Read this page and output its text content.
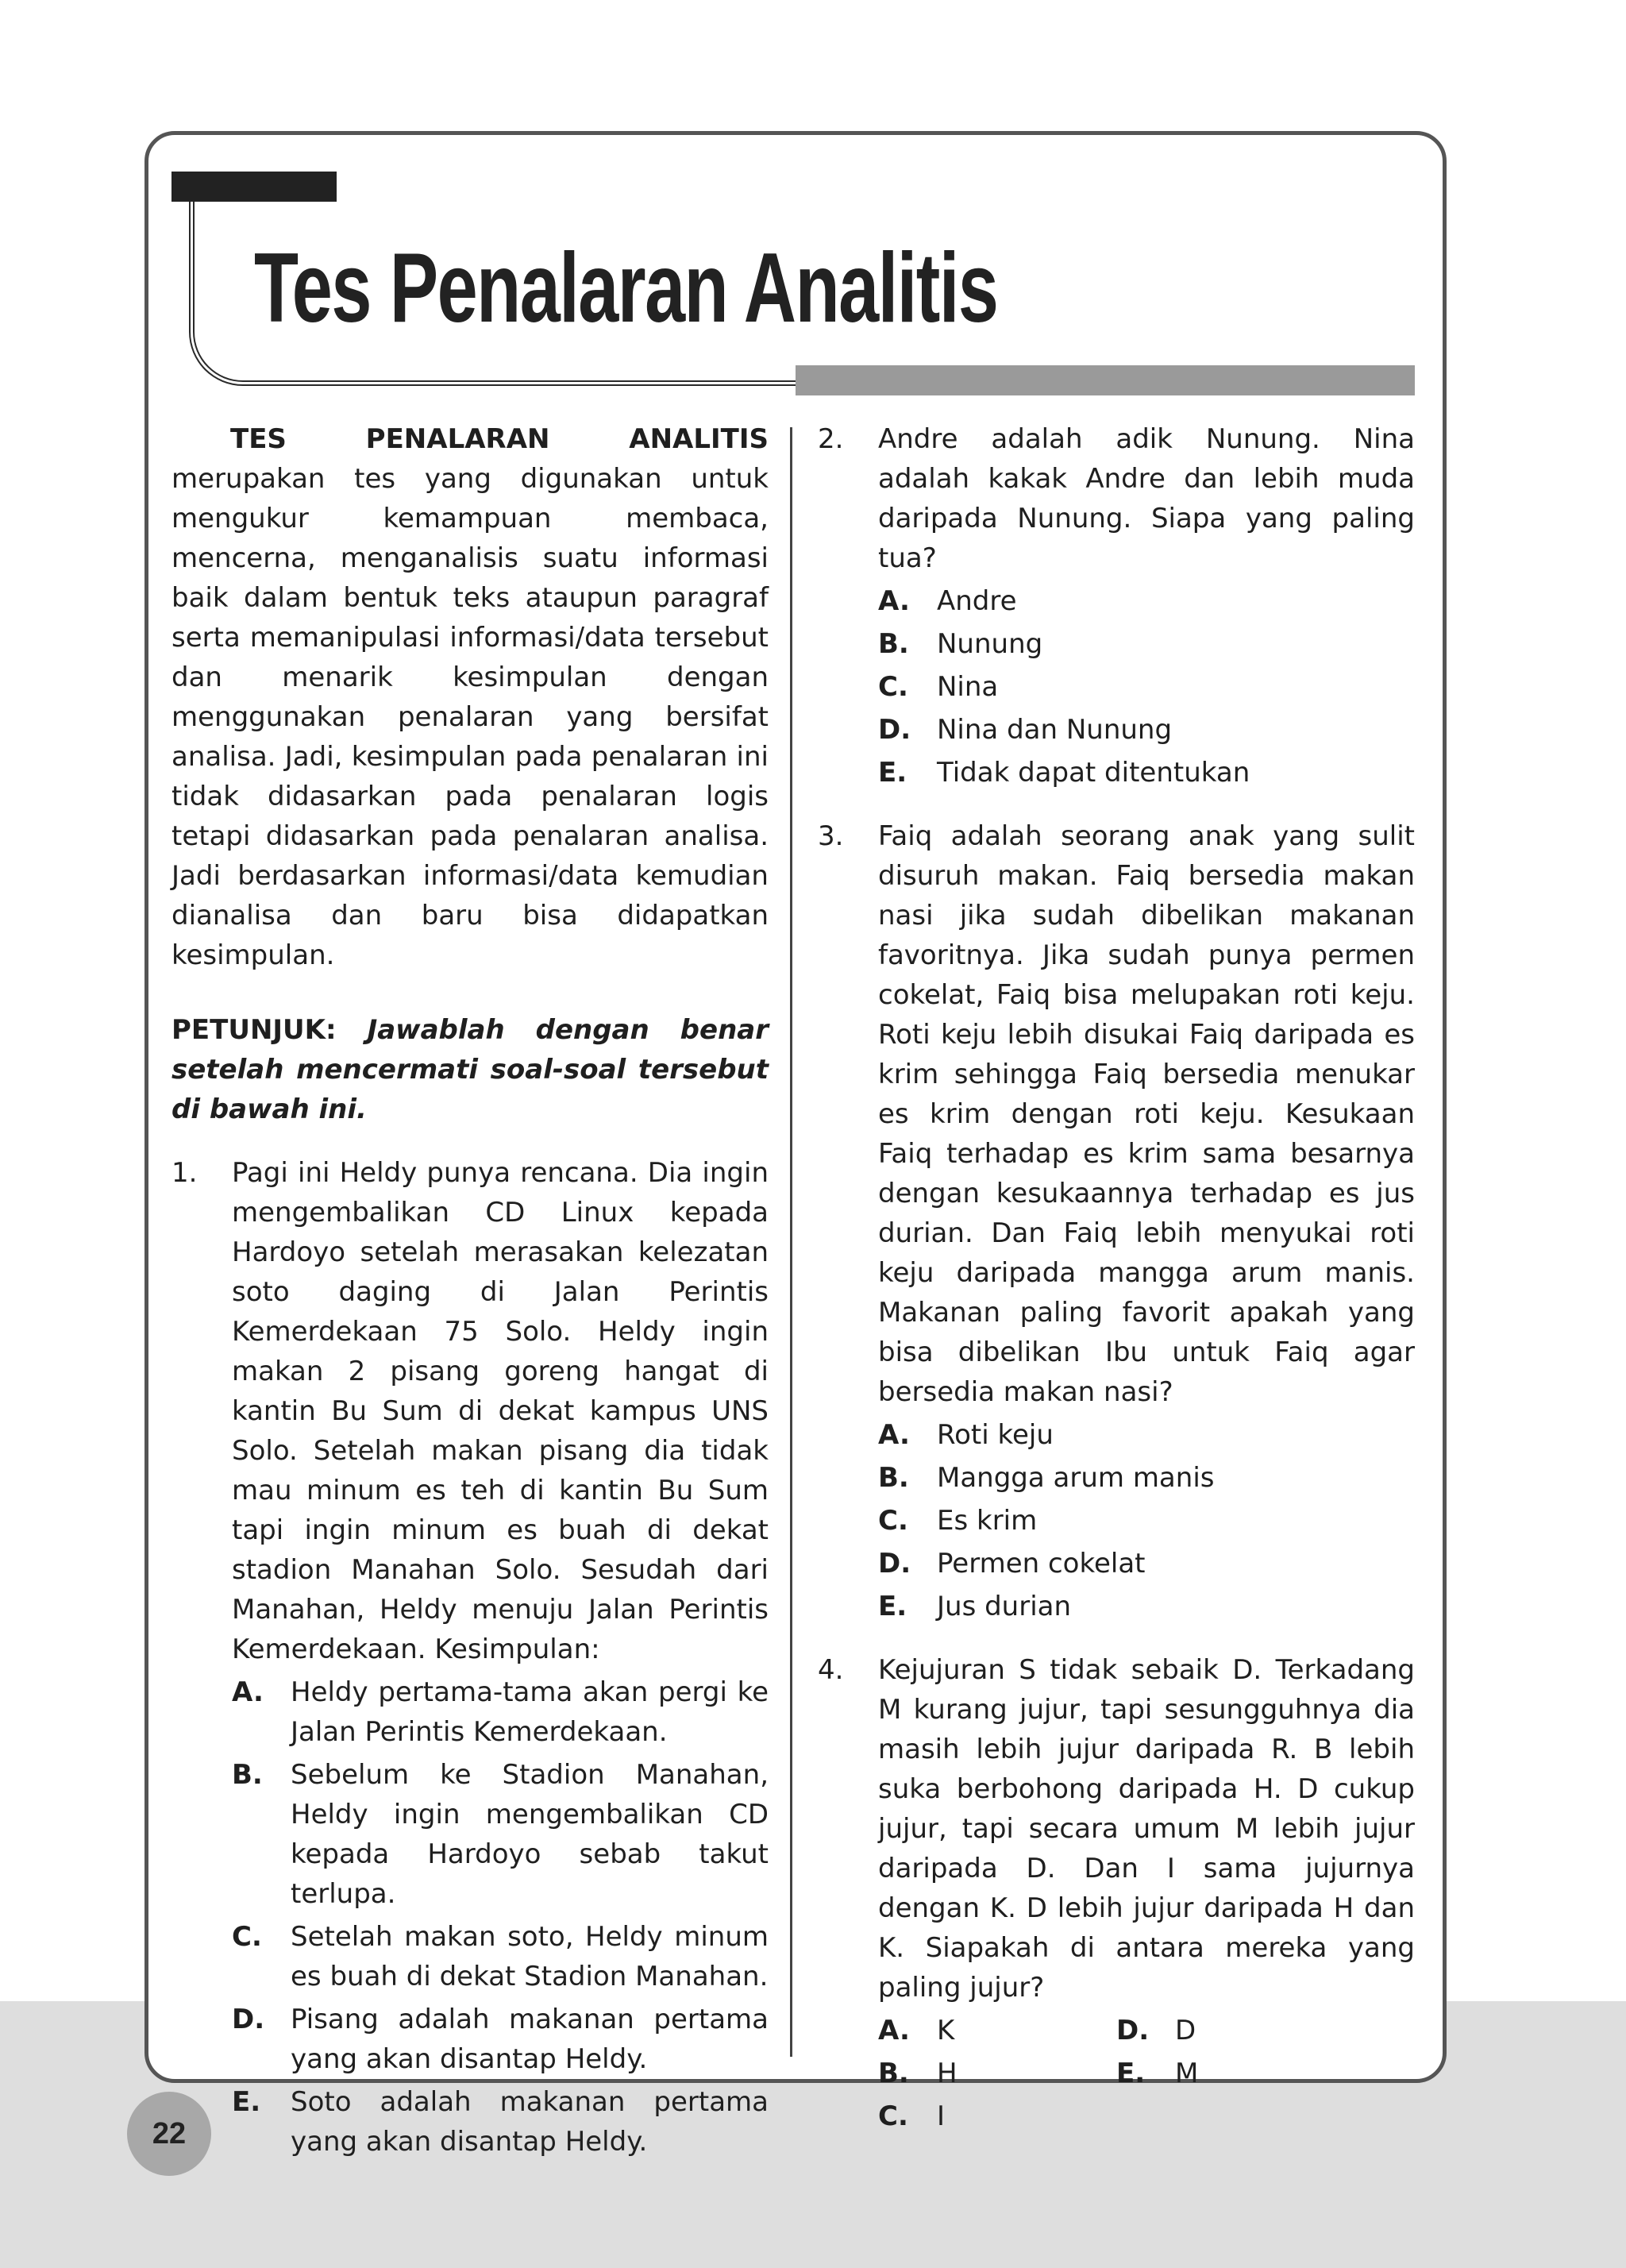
Tes Penalaran Analitis

TES PENALARAN ANALITIS merupakan tes yang digunakan untuk mengukur kemampuan membaca, mencerna, menganalisis suatu informasi baik dalam bentuk teks ataupun paragraf serta memanipulasi informasi/data tersebut dan menarik kesimpulan dengan menggunakan penalaran yang bersifat analisa. Jadi, kesimpulan pada penalaran ini tidak didasarkan pada penalaran logis tetapi didasarkan pada penalaran analisa. Jadi berdasarkan informasi/data kemudian dianalisa dan baru bisa didapatkan kesimpulan.

PETUNJUK: Jawablah dengan benar setelah mencermati soal-soal tersebut di bawah ini.
1.	Pagi ini Heldy punya rencana. Dia ingin mengembalikan CD Linux kepada Hardoyo setelah merasakan kelezatan soto daging di Jalan Perintis Kemerdekaan 75 Solo. Heldy ingin makan 2 pisang goreng hangat di kantin Bu Sum di dekat kampus UNS Solo. Setelah makan pisang dia tidak mau minum es teh di kantin Bu Sum tapi ingin minum es buah di dekat stadion Manahan Solo. Sesudah dari Manahan, Heldy menuju Jalan Perintis Kemerdekaan. Kesimpulan:
A.	Heldy pertama-tama akan pergi ke Jalan Perintis Kemerdekaan.
B.	Sebelum ke Stadion Manahan, Heldy ingin mengembalikan CD kepada Hardoyo sebab takut terlupa.
C.	Setelah makan soto, Heldy minum es buah di dekat Stadion Manahan.
D. Pisang adalah makanan pertama yang akan disantap Heldy.
E.	Soto adalah makanan pertama yang akan disantap Heldy.
2.	Andre adalah adik Nunung. Nina adalah kakak Andre dan lebih muda daripada Nunung. Siapa yang paling tua?
A.	Andre
B.	Nunung
C.	Nina
D. Nina dan Nunung
E.	Tidak dapat ditentukan
3.	Faiq adalah seorang anak yang sulit disuruh makan. Faiq bersedia makan nasi jika sudah dibelikan makanan favoritnya. Jika sudah punya permen cokelat, Faiq bisa melupakan roti keju. Roti keju lebih disukai Faiq daripada es krim sehingga Faiq bersedia menukar es krim dengan roti keju. Kesukaan Faiq terhadap es krim sama besarnya dengan kesukaannya terhadap es jus durian. Dan Faiq lebih menyukai roti keju daripada mangga arum manis. Makanan paling favorit apakah yang bisa dibelikan Ibu untuk Faiq agar bersedia makan nasi?
A.	Roti keju
B.	Mangga arum manis
C.	Es krim
D. Permen cokelat
E.	Jus durian
4.	Kejujuran S tidak sebaik D. Terkadang M kurang jujur, tapi sesungguhnya dia masih lebih jujur daripada R. B lebih suka berbohong daripada H. D cukup jujur, tapi secara umum M lebih jujur daripada D. Dan I sama jujurnya dengan K. D lebih jujur daripada H dan K. Siapakah di antara mereka yang paling jujur?
A.	K	D. D
B.	H	E.	M
C.	I
22
